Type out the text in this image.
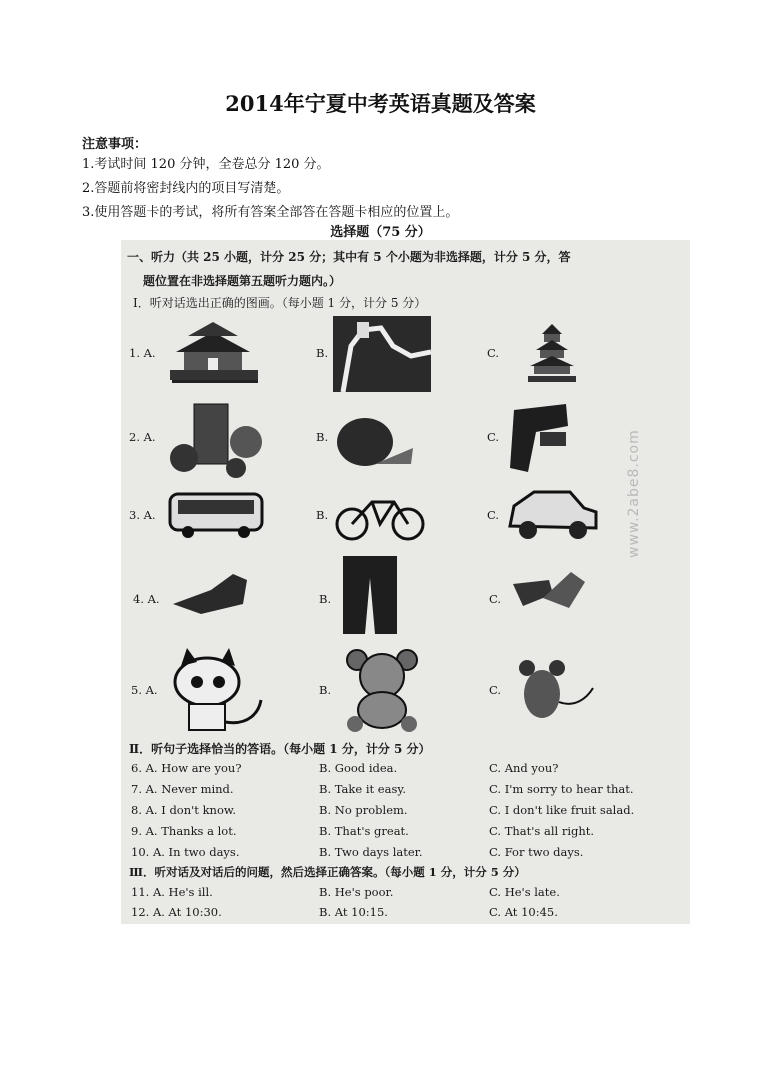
2014年宁夏中考英语真题及答案
注意事项：
1.考试时间 120 分钟，全卷总分 120 分。
2.答题前将密封线内的项目写清楚。
3.使用答题卡的考试，将所有答案全部答在答题卡相应的位置上。
选择题（75 分）
一、听力（共 25 小题，计分 25 分；其中有 5 个小题为非选择题，计分 5 分，答
题位置在非选择题第五题听力题内。）
Ⅰ．听对话选出正确的图画。（每小题 1 分，计分 5 分）
1. A.	B.	C.
2. A.	B.	C.
3. A.	B.	C.
4. A.	B.	C.
5. A.	B.	C.
www.2abe8.com
Ⅱ．听句子选择恰当的答语。（每小题 1 分，计分 5 分）
6. A. How are you?	B. Good idea.	C. And you?
7. A. Never mind.	B. Take it easy.	C. I'm sorry to hear that.
8. A. I don't know.	B. No problem.	C. I don't like fruit salad.
9. A. Thanks a lot.	B. That's great.	C. That's all right.
10. A. In two days.	B. Two days later.	C. For two days.
Ⅲ．听对话及对话后的问题，然后选择正确答案。（每小题 1 分，计分 5 分）
11. A. He's ill.	B. He's poor.	C. He's late.
12. A. At 10:30.	B. At 10:15.	C. At 10:45.
